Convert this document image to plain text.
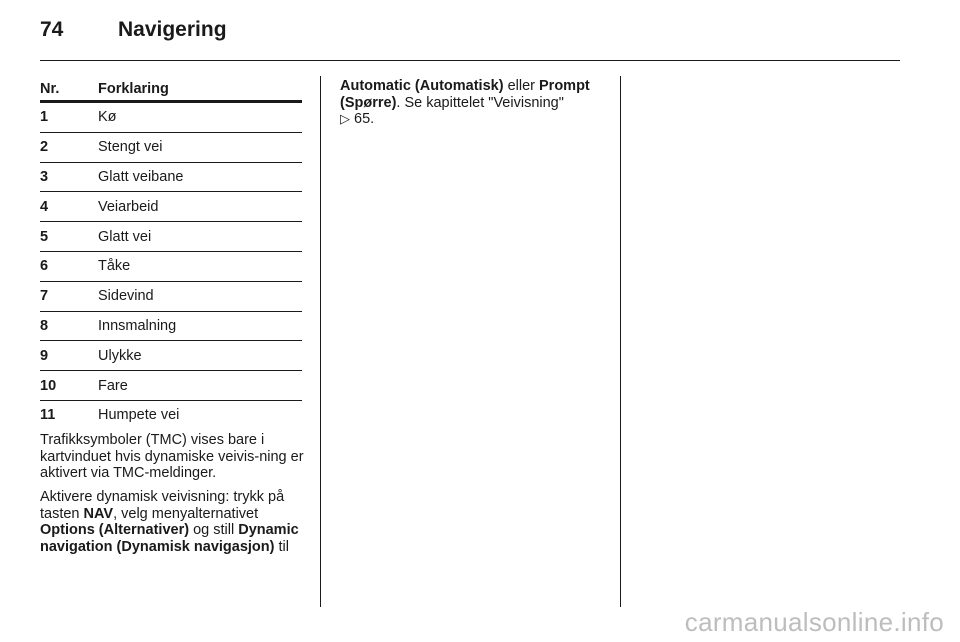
74	Navigering
Nr.	Forklaring
1	Kø
2	Stengt vei
3	Glatt veibane
4	Veiarbeid
5	Glatt vei
6	Tåke
7	Sidevind
8	Innsmalning
9	Ulykke
10	Fare
11	Humpete vei

Trafikksymboler (TMC) vises bare i kartvinduet hvis dynamiske veivis-ning er aktivert via TMC-meldinger.

Aktivere dynamisk veivisning: trykk på tasten NAV, velg menyalternativet Options (Alternativer) og still Dynamic navigation (Dynamisk navigasjon) til

Automatic (Automatisk) eller Prompt (Spørre). Se kapittelet "Veivisning"
▷ 65.

carmanualsonline.info
